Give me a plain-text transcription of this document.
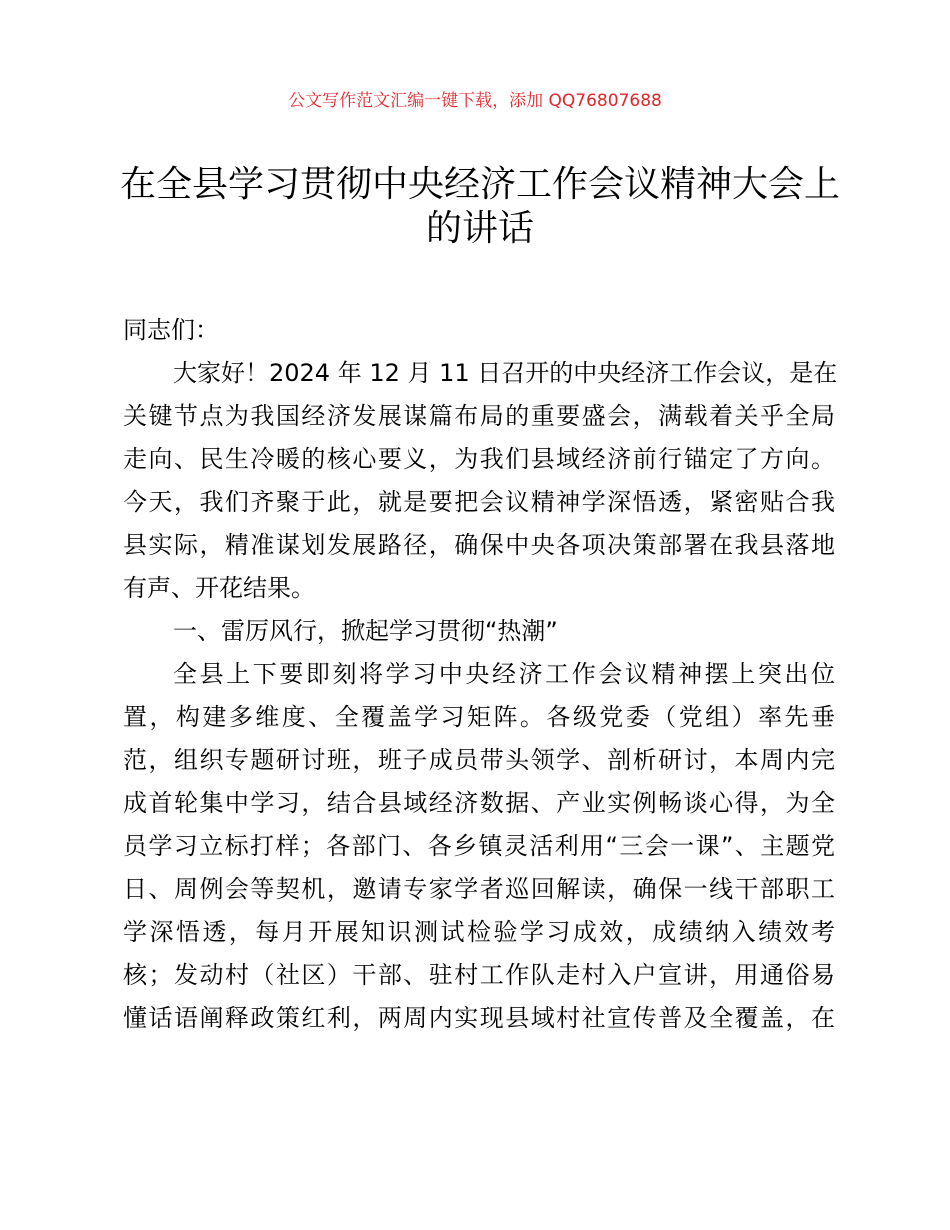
公文写作范文汇编一键下载，添加 QQ76807688
在全县学习贯彻中央经济工作会议精神大会上
的讲话
同志们：
大家好！2024 年 12 月 11 日召开的中央经济工作会议，是在
关键节点为我国经济发展谋篇布局的重要盛会，满载着关乎全局
走向、民生冷暖的核心要义，为我们县域经济前行锚定了方向。
今天，我们齐聚于此，就是要把会议精神学深悟透，紧密贴合我
县实际，精准谋划发展路径，确保中央各项决策部署在我县落地
有声、开花结果。
一、雷厉风行，掀起学习贯彻“热潮”
全县上下要即刻将学习中央经济工作会议精神摆上突出位
置，构建多维度、全覆盖学习矩阵。各级党委（党组）率先垂
范，组织专题研讨班，班子成员带头领学、剖析研讨，本周内完
成首轮集中学习，结合县域经济数据、产业实例畅谈心得，为全
员学习立标打样；各部门、各乡镇灵活利用“三会一课”、主题党
日、周例会等契机，邀请专家学者巡回解读，确保一线干部职工
学深悟透，每月开展知识测试检验学习成效，成绩纳入绩效考
核；发动村（社区）干部、驻村工作队走村入户宣讲，用通俗易
懂话语阐释政策红利，两周内实现县域村社宣传普及全覆盖，在
